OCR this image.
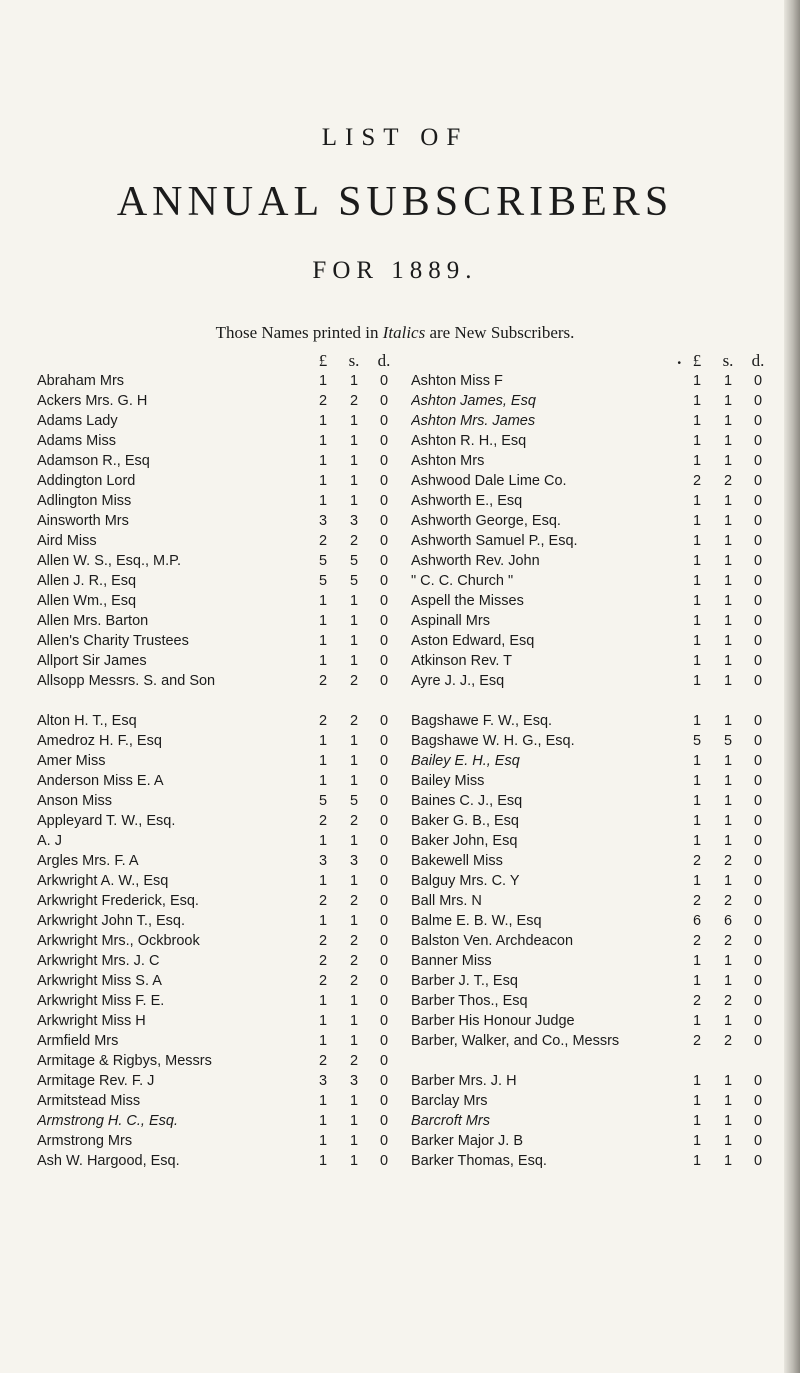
LIST OF
ANNUAL SUBSCRIBERS
FOR 1889.
Those Names printed in Italics are New Subscribers.
£	s.	d.
Abraham Mrs	1	1	0
Ackers Mrs. G. H	2	2	0
Adams Lady	1	1	0
Adams Miss	1	1	0
Adamson R., Esq	1	1	0
Addington Lord	1	1	0
Adlington Miss	1	1	0
Ainsworth Mrs	3	3	0
Aird Miss	2	2	0
Allen W. S., Esq., M.P.	5	5	0
Allen J. R., Esq	5	5	0
Allen Wm., Esq	1	1	0
Allen Mrs. Barton	1	1	0
Allen's Charity Trustees	1	1	0
Allport Sir James	1	1	0
Allsopp Messrs. S. and Son	2	2	0
Alton H. T., Esq	2	2	0
Amedroz H. F., Esq	1	1	0
Amer Miss	1	1	0
Anderson Miss E. A	1	1	0
Anson Miss	5	5	0
Appleyard T. W., Esq.	2	2	0
A. J	1	1	0
Argles Mrs. F. A	3	3	0
Arkwright A. W., Esq	1	1	0
Arkwright Frederick, Esq.	2	2	0
Arkwright John T., Esq.	1	1	0
Arkwright Mrs., Ockbrook	2	2	0
Arkwright Mrs. J. C	2	2	0
Arkwright Miss S. A	2	2	0
Arkwright Miss F. E.	1	1	0
Arkwright Miss H	1	1	0
Armfield Mrs	1	1	0
Armitage & Rigbys, Messrs	2	2	0
Armitage Rev. F. J	3	3	0
Armitstead Miss	1	1	0
Armstrong H. C., Esq.	1	1	0
Armstrong Mrs	1	1	0
Ash W. Hargood, Esq.	1	1	0
• £	s.	d.
Ashton Miss F	1	1	0
Ashton James, Esq	1	1	0
Ashton Mrs. James	1	1	0
Ashton R. H., Esq	1	1	0
Ashton Mrs	1	1	0
Ashwood Dale Lime Co.	2	2	0
Ashworth E., Esq	1	1	0
Ashworth George, Esq.	1	1	0
Ashworth Samuel P., Esq.	1	1	0
Ashworth Rev. John	1	1	0
" C. C. Church "	1	1	0
Aspell the Misses	1	1	0
Aspinall Mrs	1	1	0
Aston Edward, Esq	1	1	0
Atkinson Rev. T	1	1	0
Ayre J. J., Esq	1	1	0
Bagshawe F. W., Esq.	1	1	0
Bagshawe W. H. G., Esq.	5	5	0
Bailey E. H., Esq	1	1	0
Bailey Miss	1	1	0
Baines C. J., Esq	1	1	0
Baker G. B., Esq	1	1	0
Baker John, Esq	1	1	0
Bakewell Miss	2	2	0
Balguy Mrs. C. Y	1	1	0
Ball Mrs. N	2	2	0
Balme E. B. W., Esq	6	6	0
Balston Ven. Archdeacon	2	2	0
Banner Miss	1	1	0
Barber J. T., Esq	1	1	0
Barber Thos., Esq	2	2	0
Barber His Honour Judge	1	1	0
Barber, Walker, and Co., Messrs	2	2	0
Barber Mrs. J. H	1	1	0
Barclay Mrs	1	1	0
Barcroft Mrs	1	1	0
Barker Major J. B	1	1	0
Barker Thomas, Esq.	1	1	0
